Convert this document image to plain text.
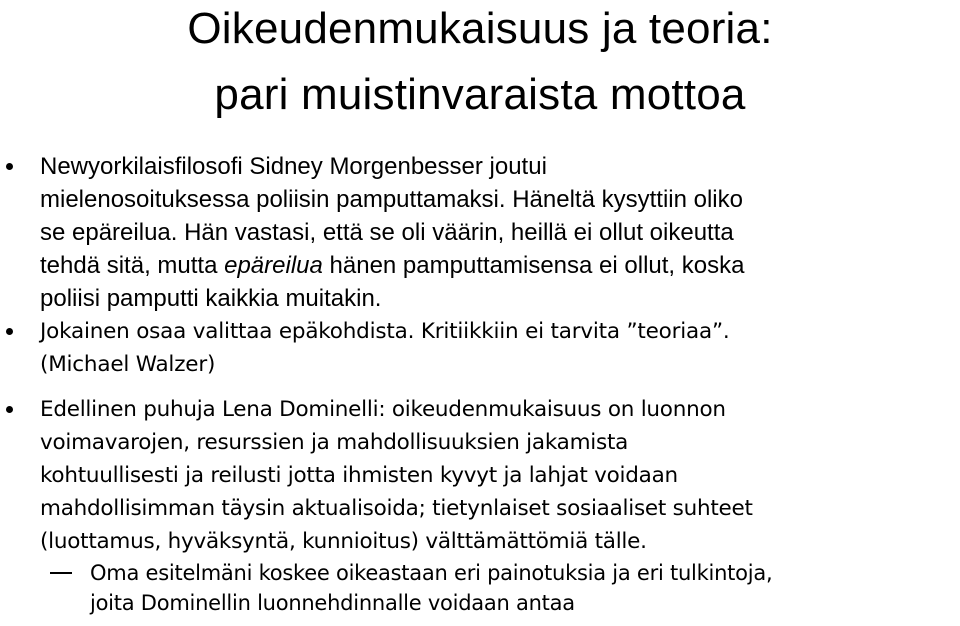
Oikeudenmukaisuus ja teoria:
pari muistinvaraista mottoa
Newyorkilaisfilosofi Sidney Morgenbesser joutui
mielenosoituksessa poliisin pamputtamaksi. Häneltä kysyttiin oliko
se epäreilua. Hän vastasi, että se oli väärin, heillä ei ollut oikeutta
tehdä sitä, mutta epäreilua hänen pamputtamisensa ei ollut, koska
poliisi pamputti kaikkia muitakin.
Jokainen osaa valittaa epäkohdista. Kritiikkiin ei tarvita ”teoriaa”.
(Michael Walzer)
Edellinen puhuja Lena Dominelli: oikeudenmukaisuus on luonnon
voimavarojen, resurssien ja mahdollisuuksien jakamista
kohtuullisesti ja reilusti jotta ihmisten kyvyt ja lahjat voidaan
mahdollisimman täysin aktualisoida; tietynlaiset sosiaaliset suhteet
(luottamus, hyväksyntä, kunnioitus) välttämättömiä tälle.
Oma esitelmäni koskee oikeastaan eri painotuksia ja eri tulkintoja,
joita Dominellin luonnehdinnalle voidaan antaa
